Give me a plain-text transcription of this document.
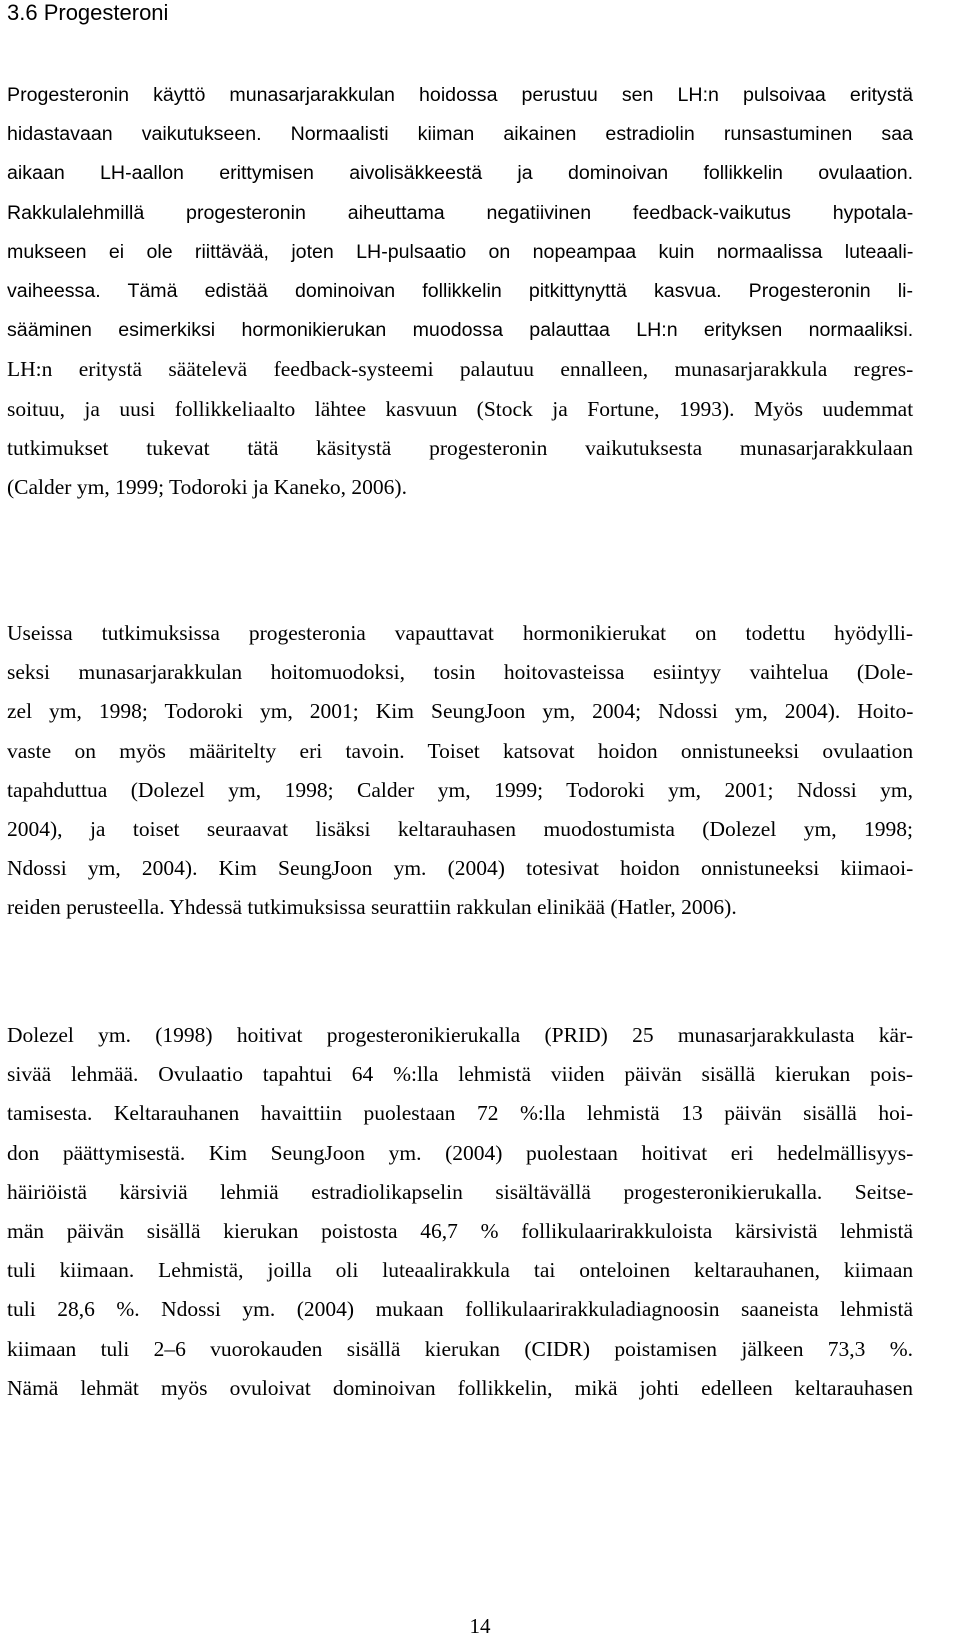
3.6 Progesteroni
Progesteronin käyttö munasarjarakkulan hoidossa perustuu sen LH:n pulsoivaa eritystä
hidastavaan vaikutukseen. Normaalisti kiiman aikainen estradiolin runsastuminen saa
aikaan LH-aallon erittymisen aivolisäkkeestä ja dominoivan follikkelin ovulaation.
Rakkulalehmillä progesteronin aiheuttama negatiivinen feedback-vaikutus hypotala-
mukseen ei ole riittävää, joten LH-pulsaatio on nopeampaa kuin normaalissa luteaali-
vaiheessa. Tämä edistää dominoivan follikkelin pitkittynyttä kasvua. Progesteronin li-
sääminen esimerkiksi hormonikierukan muodossa palauttaa LH:n erityksen normaaliksi.
LH:n eritystä säätelevä feedback-systeemi palautuu ennalleen, munasarjarakkula regres-
soituu, ja uusi follikkeliaalto lähtee kasvuun (Stock ja Fortune, 1993). Myös uudemmat
tutkimukset tukevat tätä käsitystä progesteronin vaikutuksesta munasarjarakkulaan
(Calder ym, 1999; Todoroki ja Kaneko, 2006).
Useissa tutkimuksissa progesteronia vapauttavat hormonikierukat on todettu hyödylli-
seksi munasarjarakkulan hoitomuodoksi, tosin hoitovasteissa esiintyy vaihtelua (Dole-
zel ym, 1998; Todoroki ym, 2001; Kim SeungJoon ym, 2004; Ndossi ym, 2004). Hoito-
vaste on myös määritelty eri tavoin. Toiset katsovat hoidon onnistuneeksi ovulaation
tapahduttua (Dolezel ym, 1998; Calder ym, 1999; Todoroki ym, 2001; Ndossi ym,
2004), ja toiset seuraavat lisäksi keltarauhasen muodostumista (Dolezel ym, 1998;
Ndossi ym, 2004). Kim SeungJoon ym. (2004) totesivat hoidon onnistuneeksi kiimaoi-
reiden perusteella. Yhdessä tutkimuksissa seurattiin rakkulan elinikää (Hatler, 2006).
Dolezel ym. (1998) hoitivat progesteronikierukalla (PRID) 25 munasarjarakkulasta kär-
sivää lehmää. Ovulaatio tapahtui 64 %:lla lehmistä viiden päivän sisällä kierukan pois-
tamisesta. Keltarauhanen havaittiin puolestaan 72 %:lla lehmistä 13 päivän sisällä hoi-
don päättymisestä. Kim SeungJoon ym. (2004) puolestaan hoitivat eri hedelmällisyys-
häiriöistä kärsiviä lehmiä estradiolikapselin sisältävällä progesteronikierukalla. Seitse-
män päivän sisällä kierukan poistosta 46,7 % follikulaarirakkuloista kärsivistä lehmistä
tuli kiimaan. Lehmistä, joilla oli luteaalirakkula tai onteloinen keltarauhanen, kiimaan
tuli 28,6 %. Ndossi ym. (2004) mukaan follikulaarirakkuladiagnoosin saaneista lehmistä
kiimaan tuli 2–6 vuorokauden sisällä kierukan (CIDR) poistamisen jälkeen 73,3 %.
Nämä lehmät myös ovuloivat dominoivan follikkelin, mikä johti edelleen keltarauhasen
14
